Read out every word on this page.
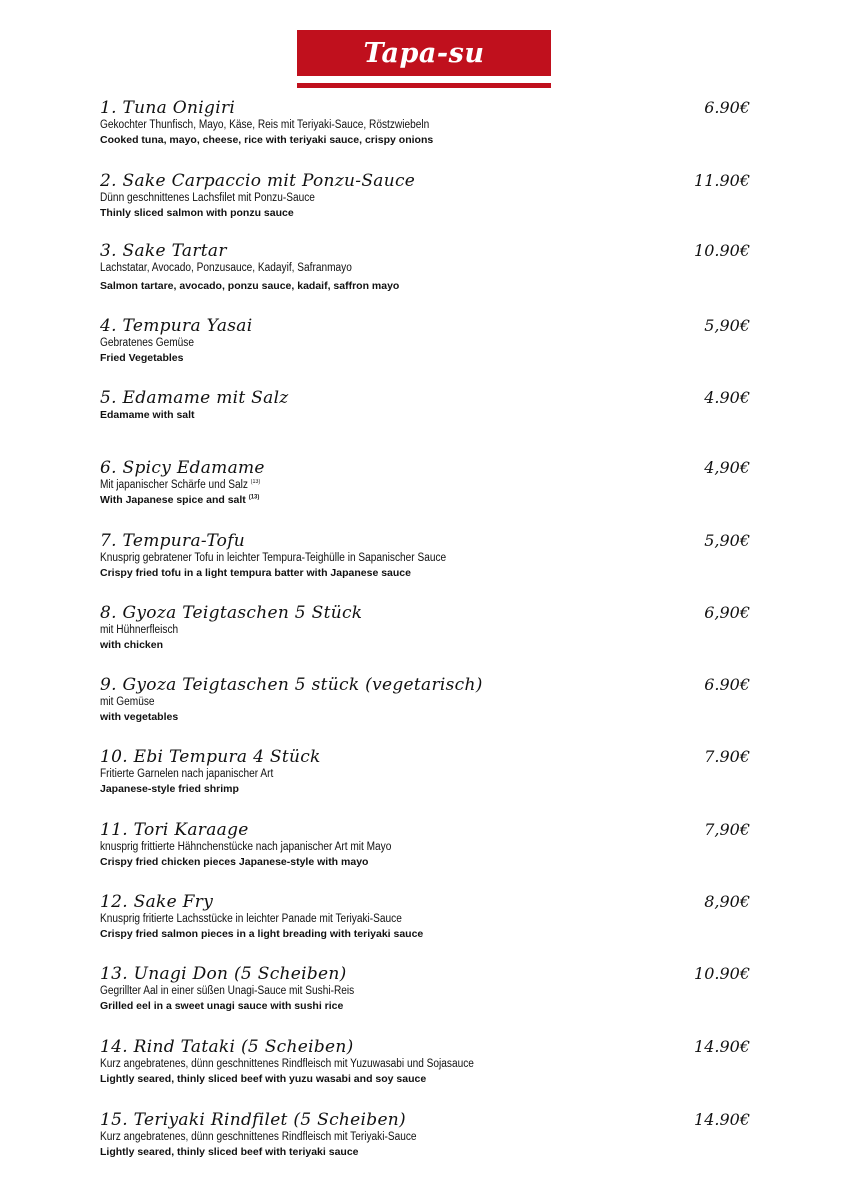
Tapa-su
1. Tuna Onigiri	6.90€
Gekochter Thunfisch, Mayo, Käse, Reis mit Teriyaki-Sauce, Röstzwiebeln
Cooked tuna, mayo, cheese, rice with teriyaki sauce, crispy onions
2. Sake Carpaccio mit Ponzu-Sauce	11.90€
Dünn geschnittenes Lachsfilet mit Ponzu-Sauce
Thinly sliced salmon with ponzu sauce
3. Sake Tartar	10.90€
Lachstatar, Avocado, Ponzusauce, Kadayif, Safranmayo
Salmon tartare, avocado, ponzu sauce, kadaif, saffron mayo
4. Tempura Yasai	5,90€
Gebratenes Gemüse
Fried Vegetables
5. Edamame mit Salz	4.90€
Edamame with salt
6. Spicy Edamame	4,90€
Mit japanischer Schärfe und Salz $^{(13)}$
With Japanese spice and salt $^{(13)}$
7. Tempura-Tofu	5,90€
Knusprig gebratener Tofu in leichter Tempura-Teighülle in Sapanischer Sauce
Crispy fried tofu in a light tempura batter with Japanese sauce
8. Gyoza Teigtaschen 5 Stück	6,90€
mit Hühnerfleisch
with chicken
9. Gyoza Teigtaschen 5 stück (vegetarisch)	6.90€
mit Gemüse
with vegetables
10. Ebi Tempura 4 Stück	7.90€
Fritierte Garnelen nach japanischer Art
Japanese-style fried shrimp
11. Tori Karaage	7,90€
knusprig frittierte Hähnchenstücke nach japanischer Art mit Mayo
Crispy fried chicken pieces Japanese-style with mayo
12. Sake Fry	8,90€
Knusprig fritierte Lachsstücke in leichter Panade mit Teriyaki-Sauce
Crispy fried salmon pieces in a light breading with teriyaki sauce
13. Unagi Don (5 Scheiben)	10.90€
Gegrillter Aal in einer süßen Unagi-Sauce mit Sushi-Reis
Grilled eel in a sweet unagi sauce with sushi rice
14. Rind Tataki (5 Scheiben)	14.90€
Kurz angebratenes, dünn geschnittenes Rindfleisch mit Yuzuwasabi und Sojasauce
Lightly seared, thinly sliced beef with yuzu wasabi and soy sauce
15. Teriyaki Rindfilet (5 Scheiben)	14.90€
Kurz angebratenes, dünn geschnittenes Rindfleisch mit Teriyaki-Sauce
Lightly seared, thinly sliced beef with teriyaki sauce
